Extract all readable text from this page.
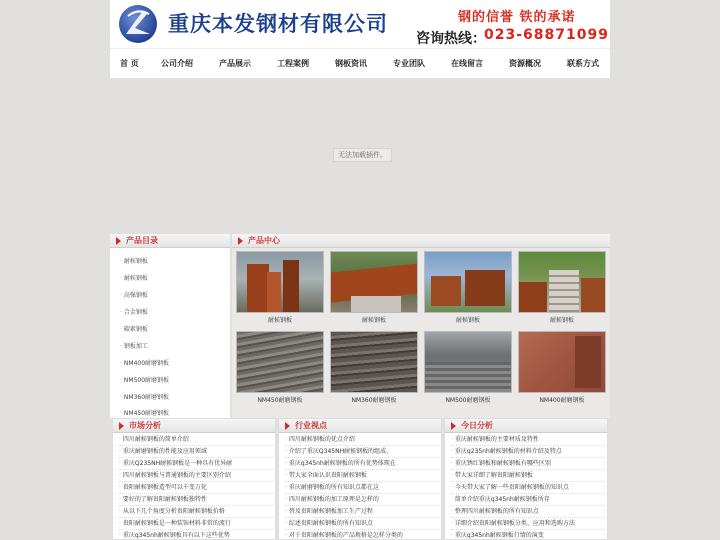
重庆本发钢材有限公司	钢的信誉 铁的承诺
咨询热线：
023-68871099
首 页	公司介绍	产品展示	工程案例	钢板资讯	专业团队	在线留言	资源概况	联系方式
无法加载插件。
产品目录
· 耐候钢板
· 耐候钢板
· 高强钢板
· 合金钢板
· 碳素钢板
· 钢板加工
· NM400耐磨钢板
· NM500耐磨钢板
· NM360耐磨钢板
· NM450耐磨钢板
产品中心
耐候钢板	耐候钢板	耐候钢板	耐候钢板
NM450耐磨钢板	NM360耐磨钢板	NM500耐磨钢板	NM400耐磨钢板
市场分析
· 四川耐候钢板的简单介绍
· 重庆耐磨钢板的性能及应用领域
· 重庆Q235NH耐候钢板是一种具有优异耐
· 四川耐候钢板与普通钢板的主要区别介绍
· 贵阳耐候钢板造型可以千变万化
· 要好的了解贵阳耐候钢板独特性
· 从以下几个角度分析贵阳耐候钢板价格
· 贵阳耐候钢板是一种装饰材料非常的流行
· 重庆q345nh耐候钢板具有以下这些优势
行业视点
· 四川耐候钢板的优点介绍
· 介绍了重庆Q345NH耐候钢板的组成、
· 重庆q345nh耐候钢板的所有优势体现在
· 带大家全面认识贵阳耐候钢板
· 重庆耐磨钢板的所有知识点都在这
· 四川耐候钢板的加工原理是怎样的
· 替及贵阳耐候钢板加工生产过程
· 综述贵阳耐候钢板的所有知识点
· 对于贵阳耐候钢板的产品规格是怎样分类的
今日分析
· 重庆耐候钢板的主要材质及特性
· 重庆q235nh耐候钢板的材料介绍及特点
· 重庆锈红钢板和耐候钢板有哪些区别
· 带大家详细了解贵阳耐候钢板
· 今天带大家了解一些贵阳耐候钢板的知识点
· 简单介绍重庆q345nh耐候钢板所存
· 整理四川耐候钢板的所有知识点
· 详细介绍贵阳耐候钢板分类、应用和选购方法
· 重庆q345nh耐候钢板行情的演变
